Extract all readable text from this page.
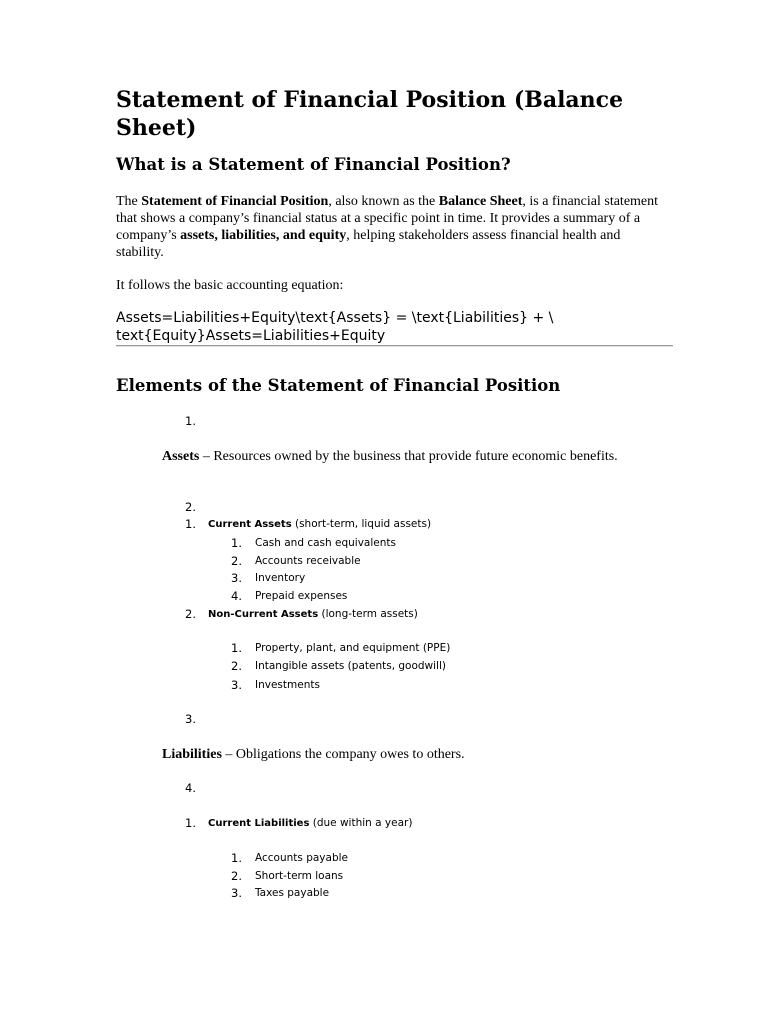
Statement of Financial Position (Balance Sheet)
What is a Statement of Financial Position?
The Statement of Financial Position, also known as the Balance Sheet, is a financial statement that shows a company’s financial status at a specific point in time. It provides a summary of a company’s assets, liabilities, and equity, helping stakeholders assess financial health and stability.
It follows the basic accounting equation:
Assets=Liabilities+Equity\text{Assets} = \text{Liabilities} + \ text{Equity}Assets=Liabilities+Equity
Elements of the Statement of Financial Position
1.
Assets – Resources owned by the business that provide future economic benefits.
2.
1. Current Assets (short-term, liquid assets)
1. Cash and cash equivalents
2. Accounts receivable
3. Inventory
4. Prepaid expenses
2. Non-Current Assets (long-term assets)
1. Property, plant, and equipment (PPE)
2. Intangible assets (patents, goodwill)
3. Investments
3.
Liabilities – Obligations the company owes to others.
4.
1. Current Liabilities (due within a year)
1. Accounts payable
2. Short-term loans
3. Taxes payable
